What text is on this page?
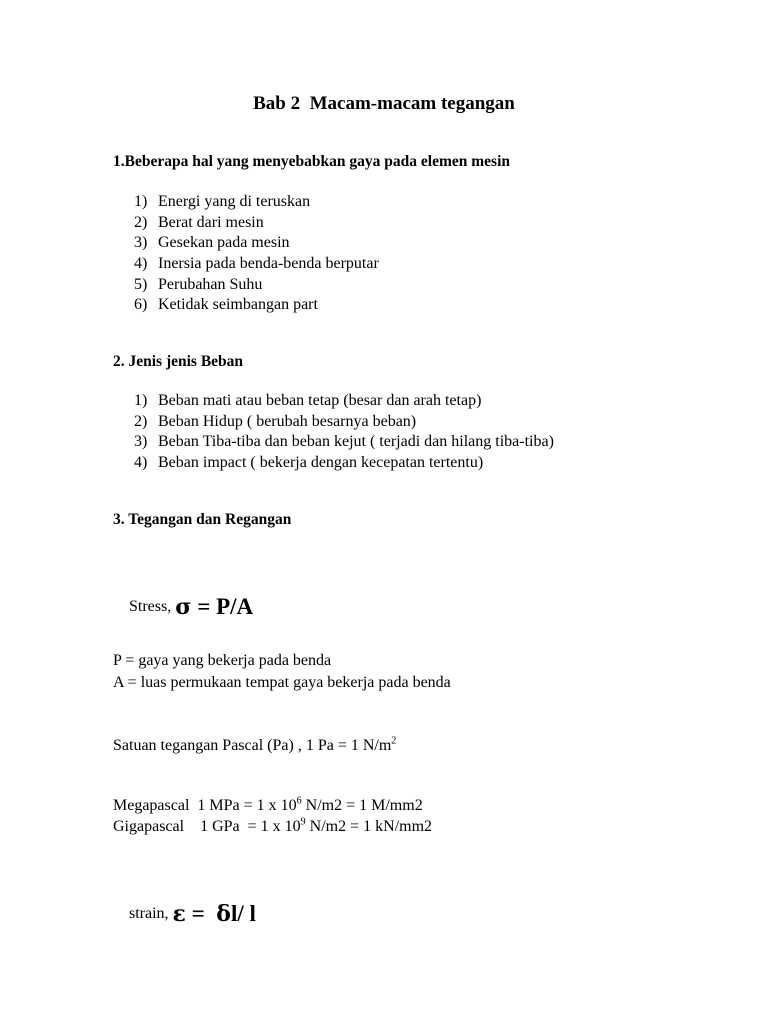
Bab 2  Macam-macam tegangan
1.Beberapa hal yang menyebabkan gaya pada elemen mesin
1) Energi yang di teruskan
2) Berat dari mesin
3) Gesekan pada mesin
4) Inersia pada benda-benda berputar
5) Perubahan Suhu
6) Ketidak seimbangan part
2. Jenis jenis Beban
1) Beban mati atau beban tetap (besar dan arah tetap)
2) Beban Hidup ( berubah besarnya beban)
3) Beban Tiba-tiba dan beban kejut ( terjadi dan hilang tiba-tiba)
4) Beban impact ( bekerja dengan kecepatan tertentu)
3. Tegangan dan Regangan

Stress, σ = P/A

P = gaya yang bekerja pada benda
A = luas permukaan tempat gaya bekerja pada benda
Satuan tegangan Pascal (Pa) , 1 Pa = 1 $N/m^2$
Megapascal  1 MPa = 1 x $10^6$ N/m2 = 1 M/mm2
Gigapascal    1 GPa  = 1 x $10^9$ N/m2 = 1 kN/mm2

strain, ε =  δl/ l
